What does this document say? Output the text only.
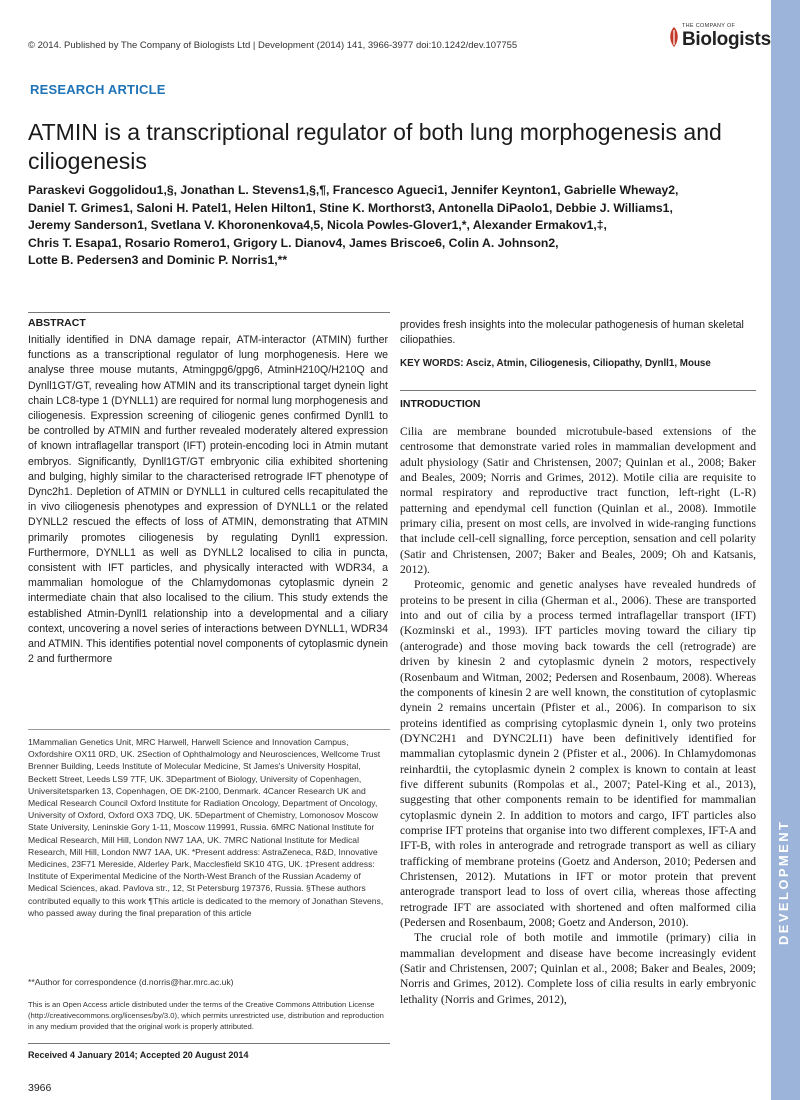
© 2014. Published by The Company of Biologists Ltd | Development (2014) 141, 3966-3977 doi:10.1242/dev.107755
THE COMPANY OF
Biologists
RESEARCH ARTICLE
ATMIN is a transcriptional regulator of both lung morphogenesis and ciliogenesis
Paraskevi Goggolidou1,§, Jonathan L. Stevens1,§,¶, Francesco Agueci1, Jennifer Keynton1, Gabrielle Wheway2,
Daniel T. Grimes1, Saloni H. Patel1, Helen Hilton1, Stine K. Morthorst3, Antonella DiPaolo1, Debbie J. Williams1,
Jeremy Sanderson1, Svetlana V. Khoronenkova4,5, Nicola Powles-Glover1,*, Alexander Ermakov1,‡,
Chris T. Esapa1, Rosario Romero1, Grigory L. Dianov4, James Briscoe6, Colin A. Johnson2,
Lotte B. Pedersen3 and Dominic P. Norris1,**
ABSTRACT
Initially identified in DNA damage repair, ATM-interactor (ATMIN) further functions as a transcriptional regulator of lung morphogenesis. Here we analyse three mouse mutants, Atmingpg6/gpg6, AtminH210Q/H210Q and Dynll1GT/GT, revealing how ATMIN and its transcriptional target dynein light chain LC8-type 1 (DYNLL1) are required for normal lung morphogenesis and ciliogenesis. Expression screening of ciliogenic genes confirmed Dynll1 to be controlled by ATMIN and further revealed moderately altered expression of known intraflagellar transport (IFT) protein-encoding loci in Atmin mutant embryos. Significantly, Dynll1GT/GT embryonic cilia exhibited shortening and bulging, highly similar to the characterised retrograde IFT phenotype of Dync2h1. Depletion of ATMIN or DYNLL1 in cultured cells recapitulated the in vivo ciliogenesis phenotypes and expression of DYNLL1 or the related DYNLL2 rescued the effects of loss of ATMIN, demonstrating that ATMIN primarily promotes ciliogenesis by regulating Dynll1 expression. Furthermore, DYNLL1 as well as DYNLL2 localised to cilia in puncta, consistent with IFT particles, and physically interacted with WDR34, a mammalian homologue of the Chlamydomonas cytoplasmic dynein 2 intermediate chain that also localised to the cilium. This study extends the established Atmin-Dynll1 relationship into a developmental and a ciliary context, uncovering a novel series of interactions between DYNLL1, WDR34 and ATMIN. This identifies potential novel components of cytoplasmic dynein 2 and furthermore
provides fresh insights into the molecular pathogenesis of human skeletal ciliopathies.
KEY WORDS: Asciz, Atmin, Ciliogenesis, Ciliopathy, Dynll1, Mouse
INTRODUCTION

Cilia are membrane bounded microtubule-based extensions of the centrosome that demonstrate varied roles in mammalian development and adult physiology (Satir and Christensen, 2007; Quinlan et al., 2008; Baker and Beales, 2009; Norris and Grimes, 2012). Motile cilia are requisite to normal respiratory and reproductive tract function, left-right (L-R) patterning and ependymal cell function (Quinlan et al., 2008). Immotile primary cilia, present on most cells, are involved in wide-ranging functions that include cell-cell signalling, force perception, sensation and cell polarity (Satir and Christensen, 2007; Baker and Beales, 2009; Oh and Katsanis, 2012).

Proteomic, genomic and genetic analyses have revealed hundreds of proteins to be present in cilia (Gherman et al., 2006). These are transported into and out of cilia by a process termed intraflagellar transport (IFT) (Kozminski et al., 1993). IFT particles moving toward the ciliary tip (anterograde) and those moving back towards the cell (retrograde) are driven by kinesin 2 and cytoplasmic dynein 2 motors, respectively (Rosenbaum and Witman, 2002; Pedersen and Rosenbaum, 2008). Whereas the components of kinesin 2 are well known, the constitution of cytoplasmic dynein 2 remains uncertain (Pfister et al., 2006). In comparison to six proteins identified as comprising cytoplasmic dynein 1, only two proteins (DYNC2H1 and DYNC2LI1) have been definitively identified for mammalian cytoplasmic dynein 2 (Pfister et al., 2006). In Chlamydomonas reinhardtii, the cytoplasmic dynein 2 complex is known to contain at least five different subunits (Rompolas et al., 2007; Patel-King et al., 2013), suggesting that other components remain to be identified for mammalian cytoplasmic dynein 2. In addition to motors and cargo, IFT particles also comprise IFT proteins that organise into two different complexes, IFT-A and IFT-B, with roles in anterograde and retrograde transport as well as ciliary trafficking of membrane proteins (Goetz and Anderson, 2010; Pedersen and Christensen, 2012). Mutations in IFT or motor protein that prevent anterograde transport lead to loss of overt cilia, whereas those affecting retrograde IFT are associated with shortened and often malformed cilia (Pedersen and Rosenbaum, 2008; Goetz and Anderson, 2010).

The crucial role of both motile and immotile (primary) cilia in mammalian development and disease have become increasingly evident (Satir and Christensen, 2007; Quinlan et al., 2008; Baker and Beales, 2009; Norris and Grimes, 2012). Complete loss of cilia results in early embryonic lethality (Norris and Grimes, 2012),

1Mammalian Genetics Unit, MRC Harwell, Harwell Science and Innovation Campus, Oxfordshire OX11 0RD, UK. 2Section of Ophthalmology and Neurosciences, Wellcome Trust Brenner Building, Leeds Institute of Molecular Medicine, St James's University Hospital, Beckett Street, Leeds LS9 7TF, UK. 3Department of Biology, University of Copenhagen, Universitetsparken 13, Copenhagen, OE DK-2100, Denmark. 4Cancer Research UK and Medical Research Council Oxford Institute for Radiation Oncology, Department of Oncology, University of Oxford, Oxford OX3 7DQ, UK. 5Department of Chemistry, Lomonosov Moscow State University, Leninskie Gory 1-11, Moscow 119991, Russia. 6MRC National Institute for Medical Research, Mill Hill, London NW7 1AA, UK. 7MRC National Institute for Medical Research, Mill Hill, London NW7 1AA, UK. *Present address: AstraZeneca, R&D, Innovative Medicines, 23F71 Mereside, Alderley Park, Macclesfield SK10 4TG, UK. ‡Present address: Institute of Experimental Medicine of the North-West Branch of the Russian Academy of Medical Sciences, akad. Pavlova str., 12, St Petersburg 197376, Russia. §These authors contributed equally to this work ¶This article is dedicated to the memory of Jonathan Stevens, who passed away during the final preparation of this article
**Author for correspondence (d.norris@har.mrc.ac.uk)
This is an Open Access article distributed under the terms of the Creative Commons Attribution License (http://creativecommons.org/licenses/by/3.0), which permits unrestricted use, distribution and reproduction in any medium provided that the original work is properly attributed.
Received 4 January 2014; Accepted 20 August 2014
3966
DEVELOPMENT
